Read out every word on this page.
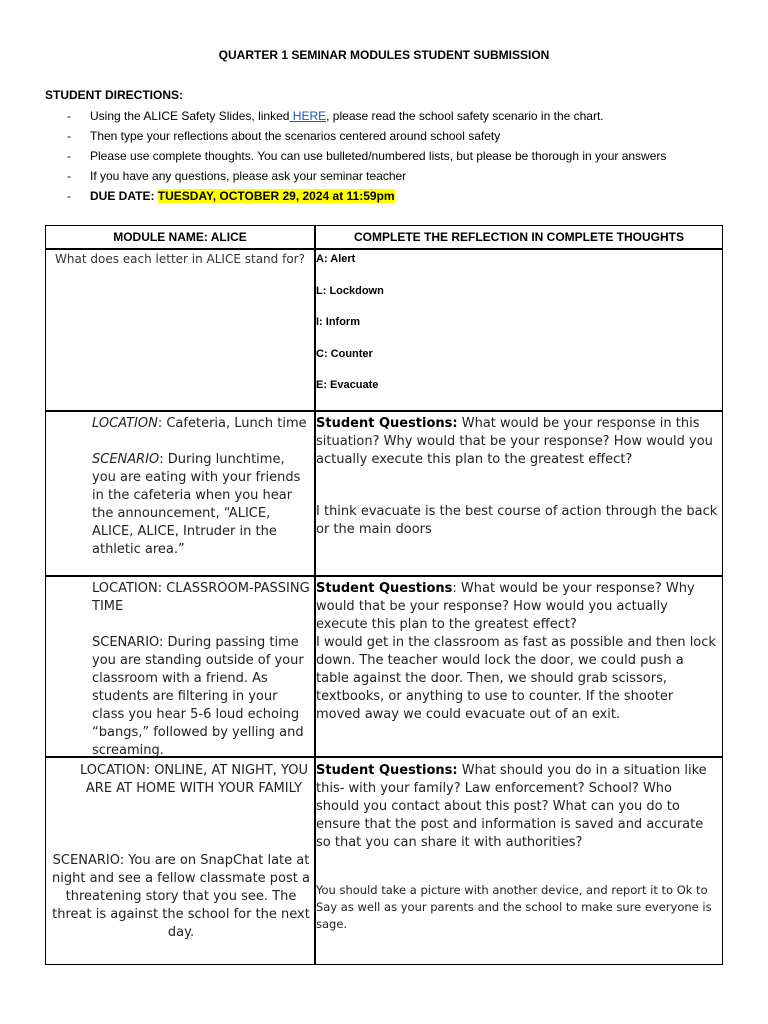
QUARTER 1 SEMINAR MODULES STUDENT SUBMISSION
STUDENT DIRECTIONS:
- Using the ALICE Safety Slides, linked HERE, please read the school safety scenario in the chart.
- Then type your reflections about the scenarios centered around school safety
- Please use complete thoughts. You can use bulleted/numbered lists, but please be thorough in your answers
- If you have any questions, please ask your seminar teacher
- DUE DATE: TUESDAY, OCTOBER 29, 2024 at 11:59pm
MODULE NAME: ALICE	COMPLETE THE REFLECTION IN COMPLETE THOUGHTS
What does each letter in ALICE stand for?	A: Alert
L: Lockdown
I: Inform
C: Counter
E: Evacuate
LOCATION: Cafeteria, Lunch time
SCENARIO: During lunchtime, you are eating with your friends in the cafeteria when you hear the announcement, “ALICE, ALICE, ALICE, Intruder in the athletic area.”
Student Questions: What would be your response in this situation? Why would that be your response? How would you actually execute this plan to the greatest effect?
I think evacuate is the best course of action through the back or the main doors
LOCATION: CLASSROOM-PASSING TIME
SCENARIO: During passing time you are standing outside of your classroom with a friend. As students are filtering in your class you hear 5-6 loud echoing “bangs,” followed by yelling and screaming.
Student Questions: What would be your response? Why would that be your response? How would you actually execute this plan to the greatest effect?
I would get in the classroom as fast as possible and then lock down. The teacher would lock the door, we could push a table against the door. Then, we should grab scissors, textbooks, or anything to use to counter. If the shooter moved away we could evacuate out of an exit.
LOCATION: ONLINE, AT NIGHT, YOU ARE AT HOME WITH YOUR FAMILY
SCENARIO: You are on SnapChat late at night and see a fellow classmate post a threatening story that you see. The threat is against the school for the next day.
Student Questions: What should you do in a situation like this- with your family? Law enforcement? School? Who should you contact about this post? What can you do to ensure that the post and information is saved and accurate so that you can share it with authorities?
You should take a picture with another device, and report it to Ok to Say as well as your parents and the school to make sure everyone is sage.
